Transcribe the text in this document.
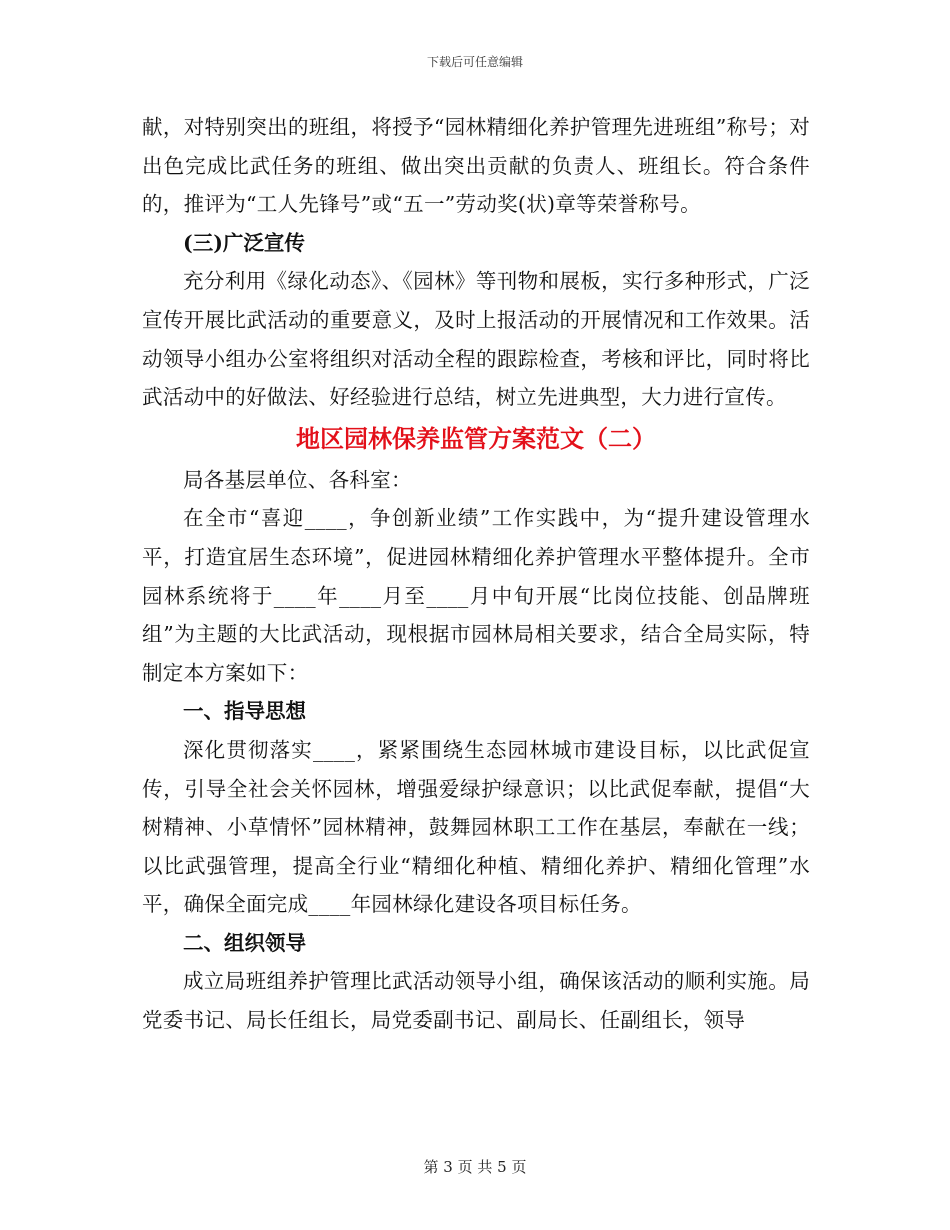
下载后可任意编辑

献，对特别突出的班组，将授予“园林精细化养护管理先进班组”称号；对出色完成比武任务的班组、做出突出贡献的负责人、班组长。符合条件的，推评为“工人先锋号”或“五一”劳动奖(状)章等荣誉称号。

(三)广泛宣传

充分利用《绿化动态》、《园林》等刊物和展板，实行多种形式，广泛宣传开展比武活动的重要意义，及时上报活动的开展情况和工作效果。活动领导小组办公室将组织对活动全程的跟踪检查，考核和评比，同时将比武活动中的好做法、好经验进行总结，树立先进典型，大力进行宣传。

地区园林保养监管方案范文（二）

局各基层单位、各科室：

在全市“喜迎____，争创新业绩”工作实践中，为“提升建设管理水平，打造宜居生态环境”，促进园林精细化养护管理水平整体提升。全市园林系统将于____年____月至____月中旬开展“比岗位技能、创品牌班组”为主题的大比武活动，现根据市园林局相关要求，结合全局实际，特制定本方案如下：

一、指导思想

深化贯彻落实____，紧紧围绕生态园林城市建设目标，以比武促宣传，引导全社会关怀园林，增强爱绿护绿意识；以比武促奉献，提倡“大树精神、小草情怀”园林精神，鼓舞园林职工工作在基层，奉献在一线；以比武强管理，提高全行业“精细化种植、精细化养护、精细化管理”水平，确保全面完成____年园林绿化建设各项目标任务。

二、组织领导

成立局班组养护管理比武活动领导小组，确保该活动的顺利实施。局党委书记、局长任组长，局党委副书记、副局长、任副组长，领导

第 3 页 共 5 页
